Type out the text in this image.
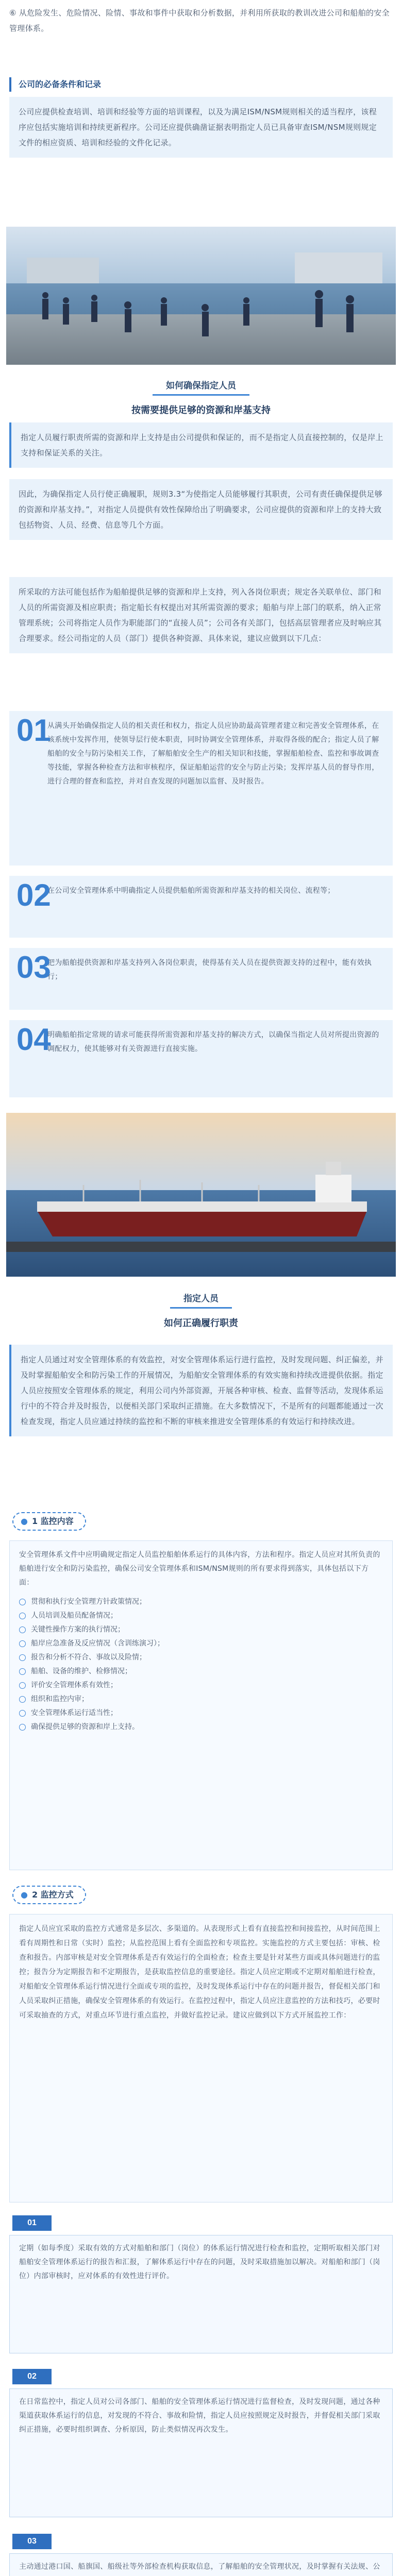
⑥ 从危险发生、危险情况、险情、事故和事件中获取和分析数据，并利用所获取的教训改进公司和船舶的安全管理体系。

公司的必备条件和记录

公司应提供检查培训、培训和经验等方面的培训课程，以及为满足ISM/NSM规则相关的适当程序，该程序应包括实施培训和持续更新程序。公司还应提供确凿证据表明指定人员已具备审查ISM/NSM规则规定文件的相应资质、培训和经验的文件化记录。

如何确保指定人员
按需要提供足够的资源和岸基支持

指定人员履行职责所需的资源和岸上支持是由公司提供和保证的，而不是指定人员直接控制的，仅是岸上支持和保证关系的关注。

因此，为确保指定人员行使正确履职，规则3.3“为使指定人员能够履行其职责，公司有责任确保提供足够的资源和岸基支持。”，对指定人员提供有效性保障给出了明确要求，公司应提供的资源和岸上的支持大致包括物资、人员、经费、信息等几个方面。

所采取的方法可能包括作为船舶提供足够的资源和岸上支持，列入各岗位职责；规定各关联单位、部门和人员的所需资源及相应职责；指定船长有权提出对其所需资源的要求；船舶与岸上部门的联系，纳入正常管理系统；公司将指定人员作为职能部门的“直接人员”；公司各有关部门，包括高层管理者应及时响应其合理要求。经公司指定的人员（部门）提供各种资源、具体来说，建议应做到以下几点：

01

从满头开始确保指定人员的相关责任和权力，指定人员应协助最高管理者建立和完善安全管理体系，在该系统中发挥作用，使领导层行使本职责，同时协调安全管理体系，并取得各级的配合；指定人员了解船舶的安全与防污染相关工作，了解船舶安全生产的相关知识和技能，掌握船舶检查、监控和事故调查等技能，掌握各种检查方法和审核程序，保证船舶运营的安全与防止污染；发挥岸基人员的督导作用，进行合理的督查和监控，并对自查发现的问题加以监督、及时报告。

02

在公司安全管理体系中明确指定人员提供船舶所需资源和岸基支持的相关岗位、流程等；

03

把为船舶提供资源和岸基支持列入各岗位职责，使得基有关人员在提供资源支持的过程中，能有效执行；

04

明确船舶指定常规的请求可能获得所需资源和岸基支持的解决方式，以确保当指定人员对所提出资源的调配权力，使其能够对有关资源进行直接实施。

指定人员
如何正确履行职责

指定人员通过对安全管理体系的有效监控，对安全管理体系运行进行监控，及时发现问题、纠正偏差，并及时掌握船舶安全和防污染工作的开展情况，为船舶安全管理体系的有效实施和持续改进提供依据。指定人员应按照安全管理体系的规定，利用公司内外部资源，开展各种审核、检查、监督等活动，发现体系运行中的不符合并及时报告，以便相关部门采取纠正措施。在大多数情况下，不是所有的问题都能通过一次检查发现，指定人员应通过持续的监控和不断的审核来推进安全管理体系的有效运行和持续改进。

● 1 监控内容

安全管理体系文件中应明确规定指定人员监控船舶体系运行的具体内容，方法和程序。指定人员应对其所负责的船舶进行安全和防污染监控，确保公司安全管理体系和ISM/NSM规则的所有要求得到落实，具体包括以下方面：

贯彻和执行安全管理方针政策情况；
人员培训及船员配备情况；
关键性操作方案的执行情况；
船岸应急准备及反应情况（含训练演习）；
报告和分析不符合、事故以及险情；
船舶、设备的维护、检修情况；
评价安全管理体系有效性；
组织和监控内审；
安全管理体系运行适当性；
确保提供足够的资源和岸上支持。
● 2 监控方式

指定人员应宜采取的监控方式通常是多层次、多渠道的。从表现形式上看有直接监控和间接监控，从时间范围上看有周期性和日常（实时）监控；从监控范围上看有全面监控和专项监控。实施监控的方式主要包括：审核、检查和报告。内部审核是对安全管理体系是否有效运行的全面检查；检查主要是针对某些方面或具体问题进行的监控；报告分为定期报告和不定期报告，是获取监控信息的重要途径。指定人员应定期或不定期对船舶进行检查，对船舶安全管理体系运行情况进行全面或专项的监控，及时发现体系运行中存在的问题并报告，督促相关部门和人员采取纠正措施，确保安全管理体系的有效运行。在监控过程中，指定人员应注意监控的方法和技巧，必要时可采取抽查的方式，对重点环节进行重点监控，并做好监控记录。建议应做到以下方式开展监控工作：

01

定期（如每季度）采取有效的方式对船舶和部门（岗位）的体系运行情况进行检查和监控，定期听取相关部门对船舶安全管理体系运行的报告和汇报，了解体系运行中存在的问题，及时采取措施加以解决。对船舶和部门（岗位）内部审核时，应对体系的有效性进行评价。

02

在日常监控中，指定人员对公司各部门、船舶的安全管理体系运行情况进行监督检查，及时发现问题，通过各种渠道获取体系运行的信息，对发现的不符合、事故和险情，指定人员应按照规定及时报告，并督促相关部门采取纠正措施，必要时组织调查、分析原因，防止类似情况再次发生。

03

主动通过港口国、船旗国、船级社等外部检查机构获取信息，了解船舶的安全管理状况，及时掌握有关法规、公
